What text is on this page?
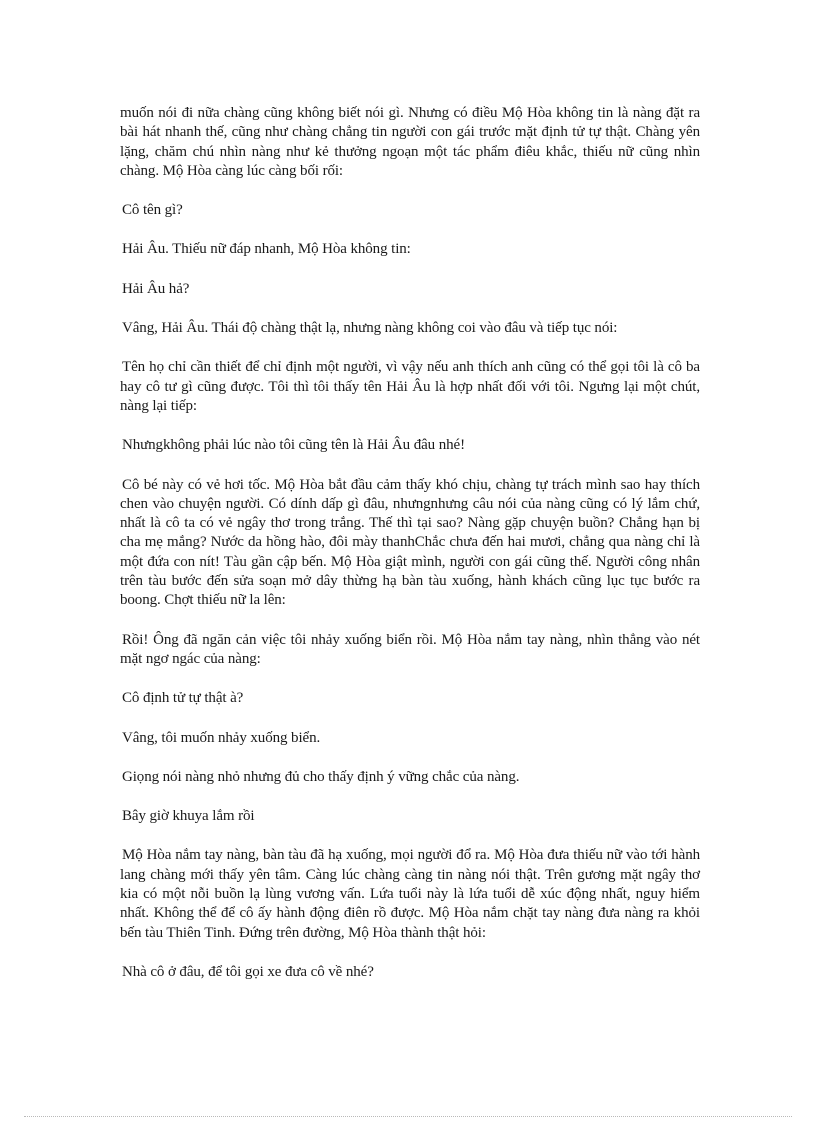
muốn nói đi nữa chàng cũng không biết nói gì. Nhưng có điều Mộ Hòa không tin là nàng đặt ra bài hát nhanh thế, cũng như chàng chẳng tin người con gái trước mặt định tử tự thật. Chàng yên lặng, chăm chú nhìn nàng như kẻ thưởng ngoạn một tác phẩm điêu khắc, thiếu nữ cũng nhìn chàng. Mộ Hòa càng lúc càng bối rối:

Cô tên gì?

Hải Âu. Thiếu nữ đáp nhanh, Mộ Hòa không tin:

Hải Âu hả?

Vâng, Hải Âu. Thái độ chàng thật lạ, nhưng nàng không coi vào đâu và tiếp tục nói:

Tên họ chỉ cần thiết để chỉ định một người, vì vậy nếu anh thích anh cũng có thể gọi tôi là cô ba hay cô tư gì cũng được. Tôi thì tôi thấy tên Hải Âu là hợp nhất đối với tôi. Ngưng lại một chút, nàng lại tiếp:

Nhưngkhông phải lúc nào tôi cũng tên là Hải Âu đâu nhé!

Cô bé này có vẻ hơi tốc. Mộ Hòa bắt đầu cảm thấy khó chịu, chàng tự trách mình sao hay thích chen vào chuyện người. Có dính dấp gì đâu, nhưngnhưng câu nói của nàng cũng có lý lắm chứ, nhất là cô ta có vẻ ngây thơ trong trắng. Thế thì tại sao? Nàng gặp chuyện buồn? Chẳng hạn bị cha mẹ mắng? Nước da hồng hào, đôi mày thanhChắc chưa đến hai mươi, chẳng qua nàng chỉ là một đứa con nít! Tàu gần cập bến. Mộ Hòa giật mình, người con gái cũng thế. Người công nhân trên tàu bước đến sửa soạn mở dây thừng hạ bàn tàu xuống, hành khách cũng lục tục bước ra boong. Chợt thiếu nữ la lên:

Rồi! Ông đã ngăn cản việc tôi nhảy xuống biển rồi. Mộ Hòa nắm tay nàng, nhìn thẳng vào nét mặt ngơ ngác của nàng:

Cô định tử tự thật à?

Vâng, tôi muốn nhảy xuống biển.

Giọng nói nàng nhỏ nhưng đủ cho thấy định ý vững chắc của nàng.

Bây giờ khuya lắm rồi

Mộ Hòa nắm tay nàng, bàn tàu đã hạ xuống, mọi người đổ ra. Mộ Hòa đưa thiếu nữ vào tới hành lang chàng mới thấy yên tâm. Càng lúc chàng càng tin nàng nói thật. Trên gương mặt ngây thơ kia có một nỗi buồn lạ lùng vương vấn. Lứa tuổi này là lứa tuổi dễ xúc động nhất, nguy hiểm nhất. Không thể để cô ấy hành động điên rồ được. Mộ Hòa nắm chặt tay nàng đưa nàng ra khỏi bến tàu Thiên Tinh. Đứng trên đường, Mộ Hòa thành thật hỏi:

Nhà cô ở đâu, để tôi gọi xe đưa cô về nhé?
